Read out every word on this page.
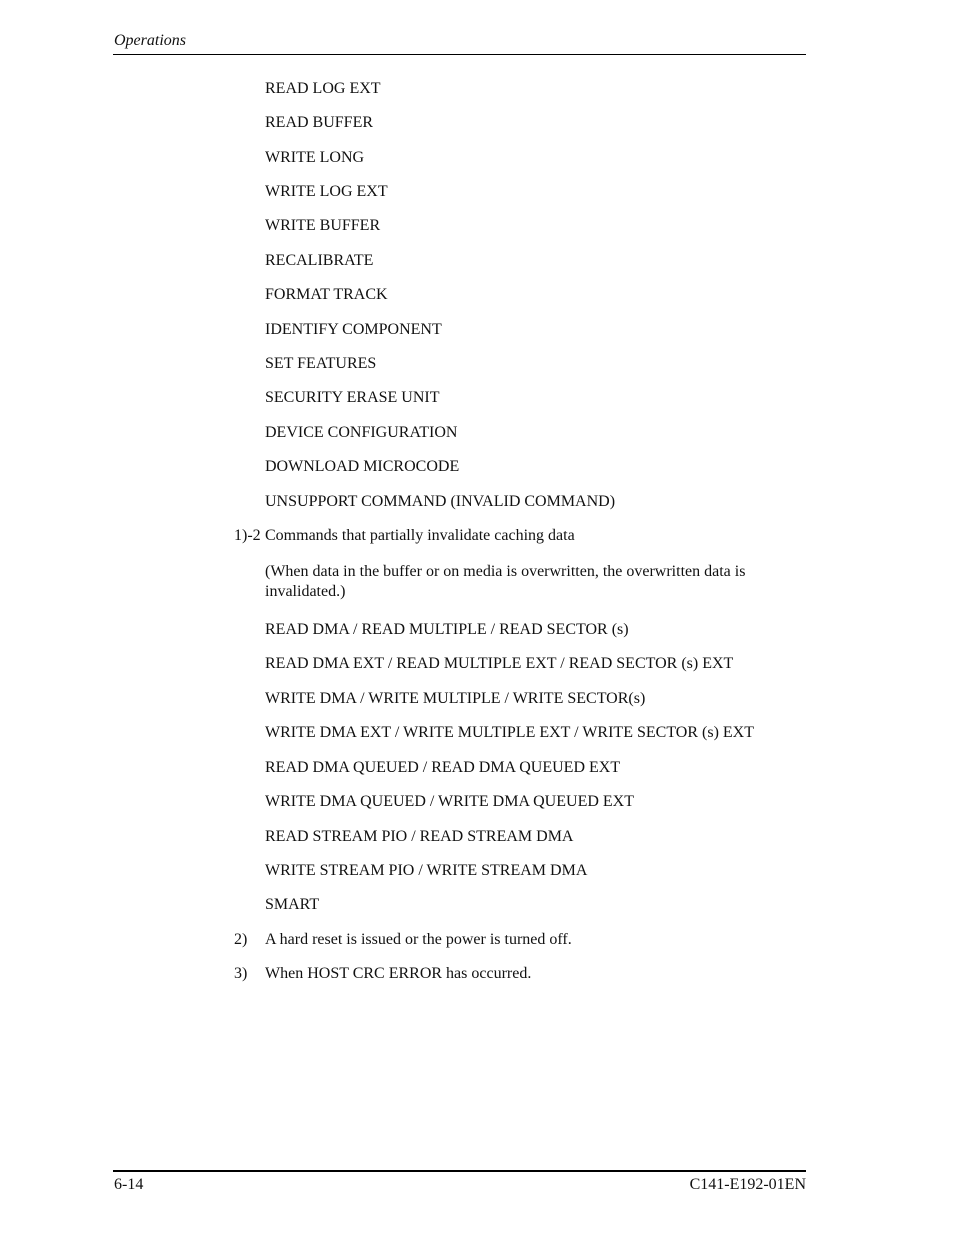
Operations
READ LOG EXT
READ BUFFER
WRITE LONG
WRITE LOG EXT
WRITE BUFFER
RECALIBRATE
FORMAT TRACK
IDENTIFY COMPONENT
SET FEATURES
SECURITY ERASE UNIT
DEVICE CONFIGURATION
DOWNLOAD MICROCODE
UNSUPPORT COMMAND (INVALID COMMAND)
1)-2 Commands that partially invalidate caching data
(When data in the buffer or on media is overwritten, the overwritten data is invalidated.)
READ DMA / READ MULTIPLE / READ SECTOR (s)
READ DMA EXT / READ MULTIPLE EXT / READ SECTOR (s) EXT
WRITE DMA / WRITE MULTIPLE / WRITE SECTOR(s)
WRITE DMA EXT / WRITE MULTIPLE EXT / WRITE SECTOR (s) EXT
READ DMA QUEUED / READ DMA QUEUED EXT
WRITE DMA QUEUED / WRITE DMA QUEUED EXT
READ STREAM PIO / READ STREAM DMA
WRITE STREAM PIO / WRITE STREAM DMA
SMART
2) A hard reset is issued or the power is turned off.
3) When HOST CRC ERROR has occurred.
6-14	C141-E192-01EN
